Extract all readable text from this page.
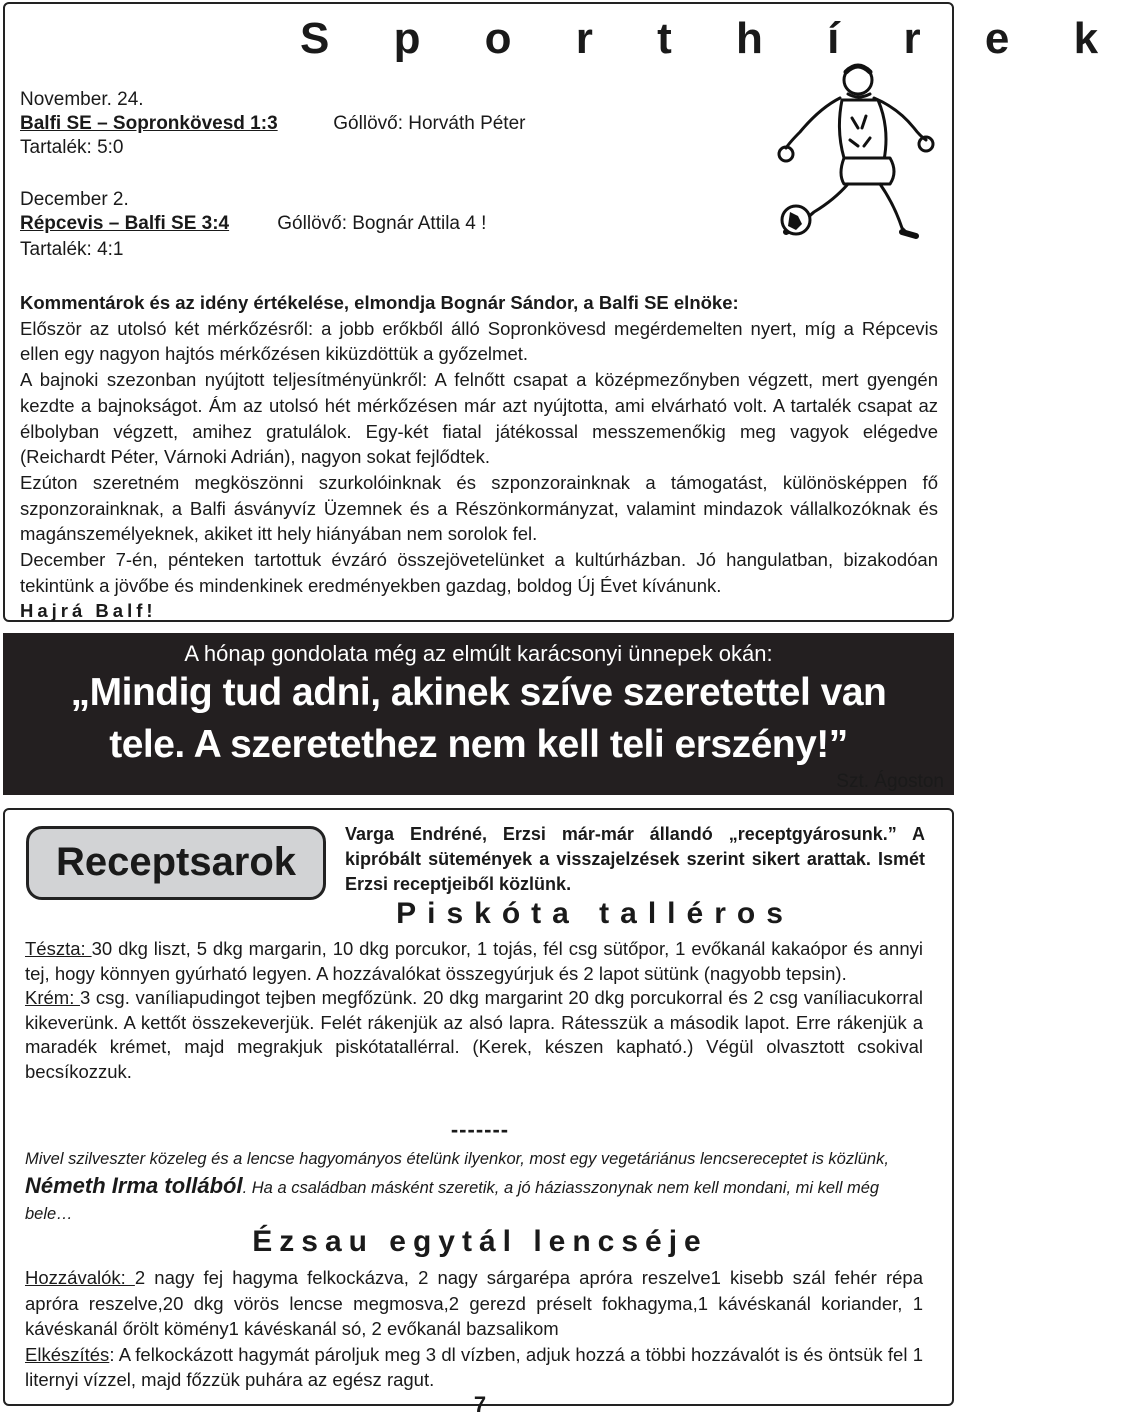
S p o r t h í r e k
November. 24.
Balfi SE – Sopronkövesd 1:3	Góllövő: Horváth Péter
Tartalék: 5:0
December 2.
Répcevis – Balfi SE 3:4	Góllövő: Bognár Attila 4 !
Tartalék: 4:1

Kommentárok és az idény értékelése, elmondja Bognár Sándor, a Balfi SE elnöke:

Először az utolsó két mérkőzésről: a jobb erőkből álló Sopronkövesd megérdemelten nyert, míg a Répcevis ellen egy nagyon hajtós mérkőzésen kiküzdöttük a győzelmet.

A bajnoki szezonban nyújtott teljesítményünkről: A felnőtt csapat a középmezőnyben végzett, mert gyengén kezdte a bajnokságot. Ám az utolsó hét mérkőzésen már azt nyújtotta, ami elvárható volt. A tartalék csapat az élbolyban végzett, amihez gratulálok. Egy-két fiatal játékossal messzemenőkig meg vagyok elégedve (Reichardt Péter, Várnoki Adrián), nagyon sokat fejlődtek.

Ezúton szeretném megköszönni szurkolóinknak és szponzorainknak a támogatást, különösképpen fő szponzorainknak, a Balfi ásványvíz Üzemnek és a Részönkormányzat, valamint mindazok vállalkozóknak és magánszemélyeknek, akiket itt hely hiányában nem sorolok fel.

December 7-én, pénteken tartottuk évzáró összejövetelünket a kultúrházban. Jó hangulatban, bizakodóan tekintünk a jövőbe és mindenkinek eredményekben gazdag, boldog Új Évet kívánunk.

Hajrá Balf!

A hónap gondolata még az elmúlt karácsonyi ünnepek okán:
„Mindig tud adni, akinek szíve szeretettel van
tele. A szeretethez nem kell teli erszény!”
Szt. Ágoston
Receptsarok
Varga Endréné, Erzsi már-már állandó „receptgyárosunk.” A kipróbált sütemények a visszajelzések szerint sikert arattak. Ismét Erzsi receptjeiből közlünk.
Piskóta talléros

Tészta: 30 dkg liszt, 5 dkg margarin, 10 dkg porcukor, 1 tojás, fél csg sütőpor, 1 evőkanál kakaópor és annyi tej, hogy könnyen gyúrható legyen. A hozzávalókat összegyúrjuk és 2 lapot sütünk (nagyobb tepsin).

Krém: 3 csg. vaníliapudingot tejben megfőzünk. 20 dkg margarint 20 dkg porcukorral és 2 csg vaníliacukorral kikeverünk. A kettőt összekeverjük. Felét rákenjük az alsó lapra. Rátesszük a második lapot. Erre rákenjük a maradék krémet, majd megrakjuk piskótatallérral. (Kerek, készen kapható.) Végül olvasztott csokival becsíkozzuk.

-------
Mivel szilveszter közeleg és a lencse hagyományos ételünk ilyenkor, most egy vegetáriánus lencsereceptet is közlünk, Németh Irma tollából. Ha a családban másként szeretik, a jó háziasszonynak nem kell mondani, mi kell még bele…
Ézsau egytál lencséje

Hozzávalók: 2 nagy fej hagyma felkockázva, 2 nagy sárgarépa apróra reszelve1 kisebb szál fehér répa apróra reszelve,20 dkg vörös lencse megmosva,2 gerezd préselt fokhagyma,1 kávéskanál koriander, 1 kávéskanál őrölt kömény1 kávéskanál só, 2 evőkanál bazsalikom

Elkészítés: A felkockázott hagymát pároljuk meg 3 dl vízben, adjuk hozzá a többi hozzávalót is és öntsük fel 1 liternyi vízzel, majd főzzük puhára az egész ragut.

7
